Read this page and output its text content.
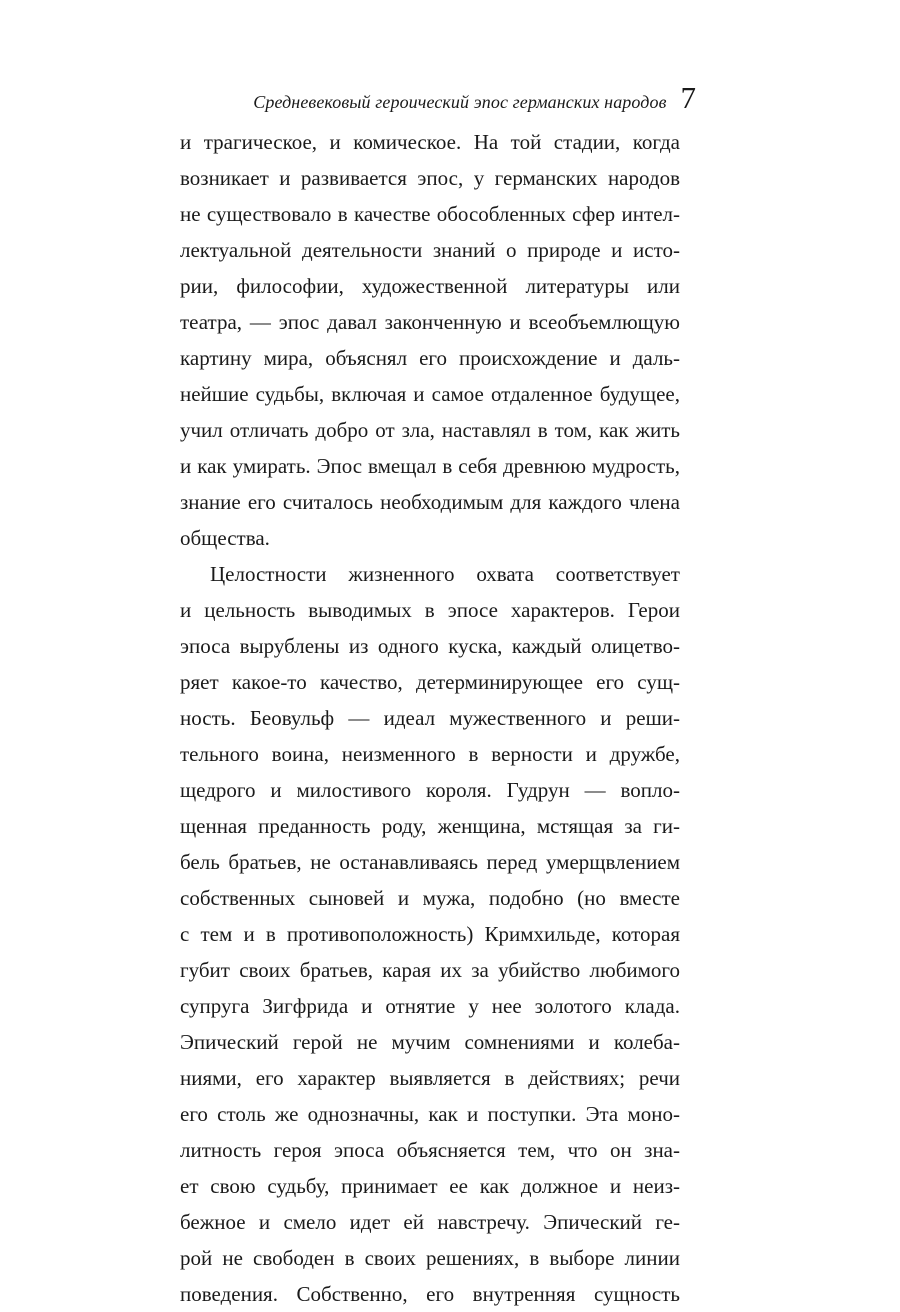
Средневековый героический эпос германских народов 7
и трагическое, и комическое. На той стадии, когда
возникает и развивается эпос, у германских народов
не существовало в качестве обособленных сфер интел-
лектуальной деятельности знаний о природе и исто-
рии, философии, художественной литературы или
театра, — эпос давал законченную и всеобъемлющую
картину мира, объяснял его происхождение и даль-
нейшие судьбы, включая и самое отдаленное будущее,
учил отличать добро от зла, наставлял в том, как жить
и как умирать. Эпос вмещал в себя древнюю мудрость,
знание его считалось необходимым для каждого члена
общества.
Целостности жизненного охвата соответствует
и цельность выводимых в эпосе характеров. Герои
эпоса вырублены из одного куска, каждый олицетво-
ряет какое-то качество, детерминирующее его сущ-
ность. Беовульф — идеал мужественного и реши-
тельного воина, неизменного в верности и дружбе,
щедрого и милостивого короля. Гудрун — вопло-
щенная преданность роду, женщина, мстящая за ги-
бель братьев, не останавливаясь перед умерщвлением
собственных сыновей и мужа, подобно (но вместе
с тем и в противоположность) Кримхильде, которая
губит своих братьев, карая их за убийство любимого
супруга Зигфрида и отнятие у нее золотого клада.
Эпический герой не мучим сомнениями и колеба-
ниями, его характер выявляется в действиях; речи
его столь же однозначны, как и поступки. Эта моно-
литность героя эпоса объясняется тем, что он зна-
ет свою судьбу, принимает ее как должное и неиз-
бежное и смело идет ей навстречу. Эпический ге-
рой не свободен в своих решениях, в выборе линии
поведения. Собственно, его внутренняя сущность
